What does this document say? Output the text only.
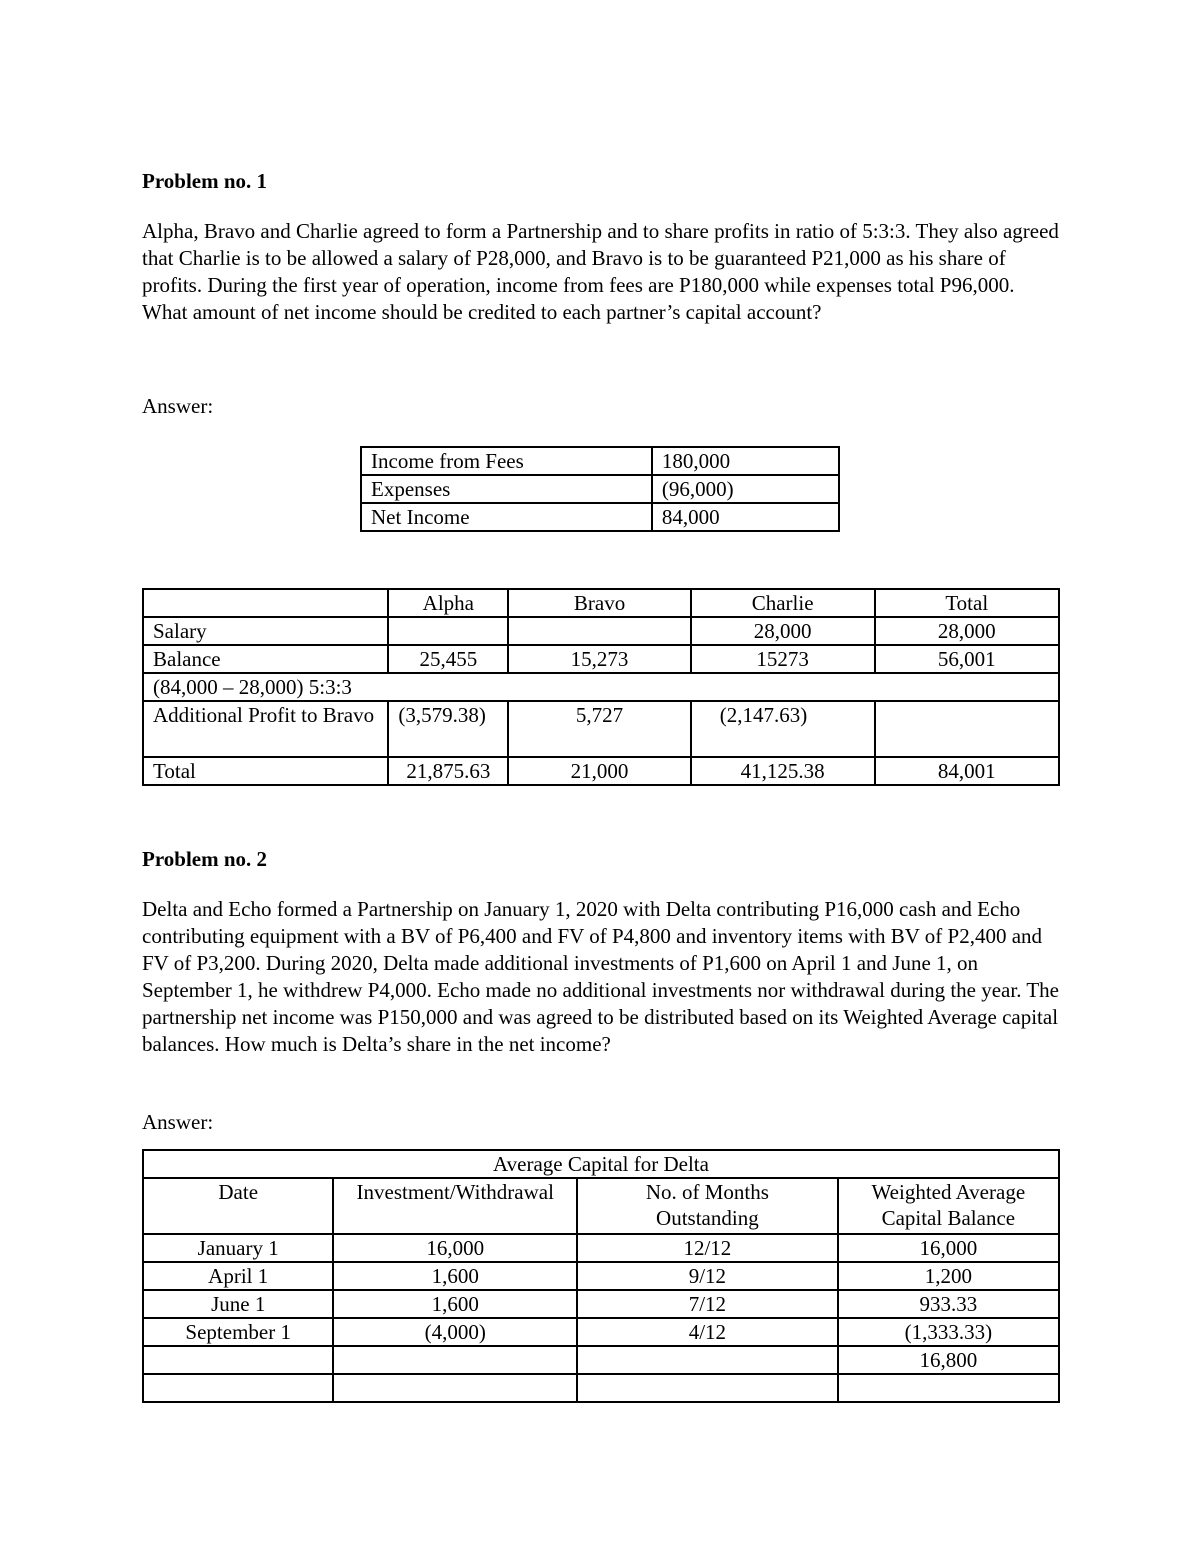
Problem no. 1

Alpha, Bravo and Charlie agreed to form a Partnership and to share profits in ratio of 5:3:3. They also agreed that Charlie is to be allowed a salary of P28,000, and Bravo is to be guaranteed P21,000 as his share of profits. During the first year of operation, income from fees are P180,000 while expenses total P96,000. What amount of net income should be credited to each partner’s capital account?

Answer:

Income from Fees	180,000
Expenses	(96,000)
Net Income	84,000
	Alpha	Bravo	Charlie	Total
Salary			28,000	28,000
Balance	25,455	15,273	15273	56,001
(84,000 – 28,000) 5:3:3				
Additional Profit to Bravo	(3,579.38)	5,727	(2,147.63)	
Total	21,875.63	21,000	41,125.38	84,001
Problem no. 2

Delta and Echo formed a Partnership on January 1, 2020 with Delta contributing P16,000 cash and Echo contributing equipment with a BV of P6,400 and FV of P4,800 and inventory items with BV of P2,400 and FV of P3,200. During 2020, Delta made additional investments of P1,600 on April 1 and June 1, on September 1, he withdrew P4,000. Echo made no additional investments nor withdrawal during the year. The partnership net income was P150,000 and was agreed to be distributed based on its Weighted Average capital balances. How much is Delta’s share in the net income?

Answer:

Average Capital for Delta			
Date	Investment/Withdrawal	No. of Months Outstanding	Weighted Average Capital Balance
January 1	16,000	12/12	16,000
April 1	1,600	9/12	1,200
June 1	1,600	7/12	933.33
September 1	(4,000)	4/12	(1,333.33)
			16,800
